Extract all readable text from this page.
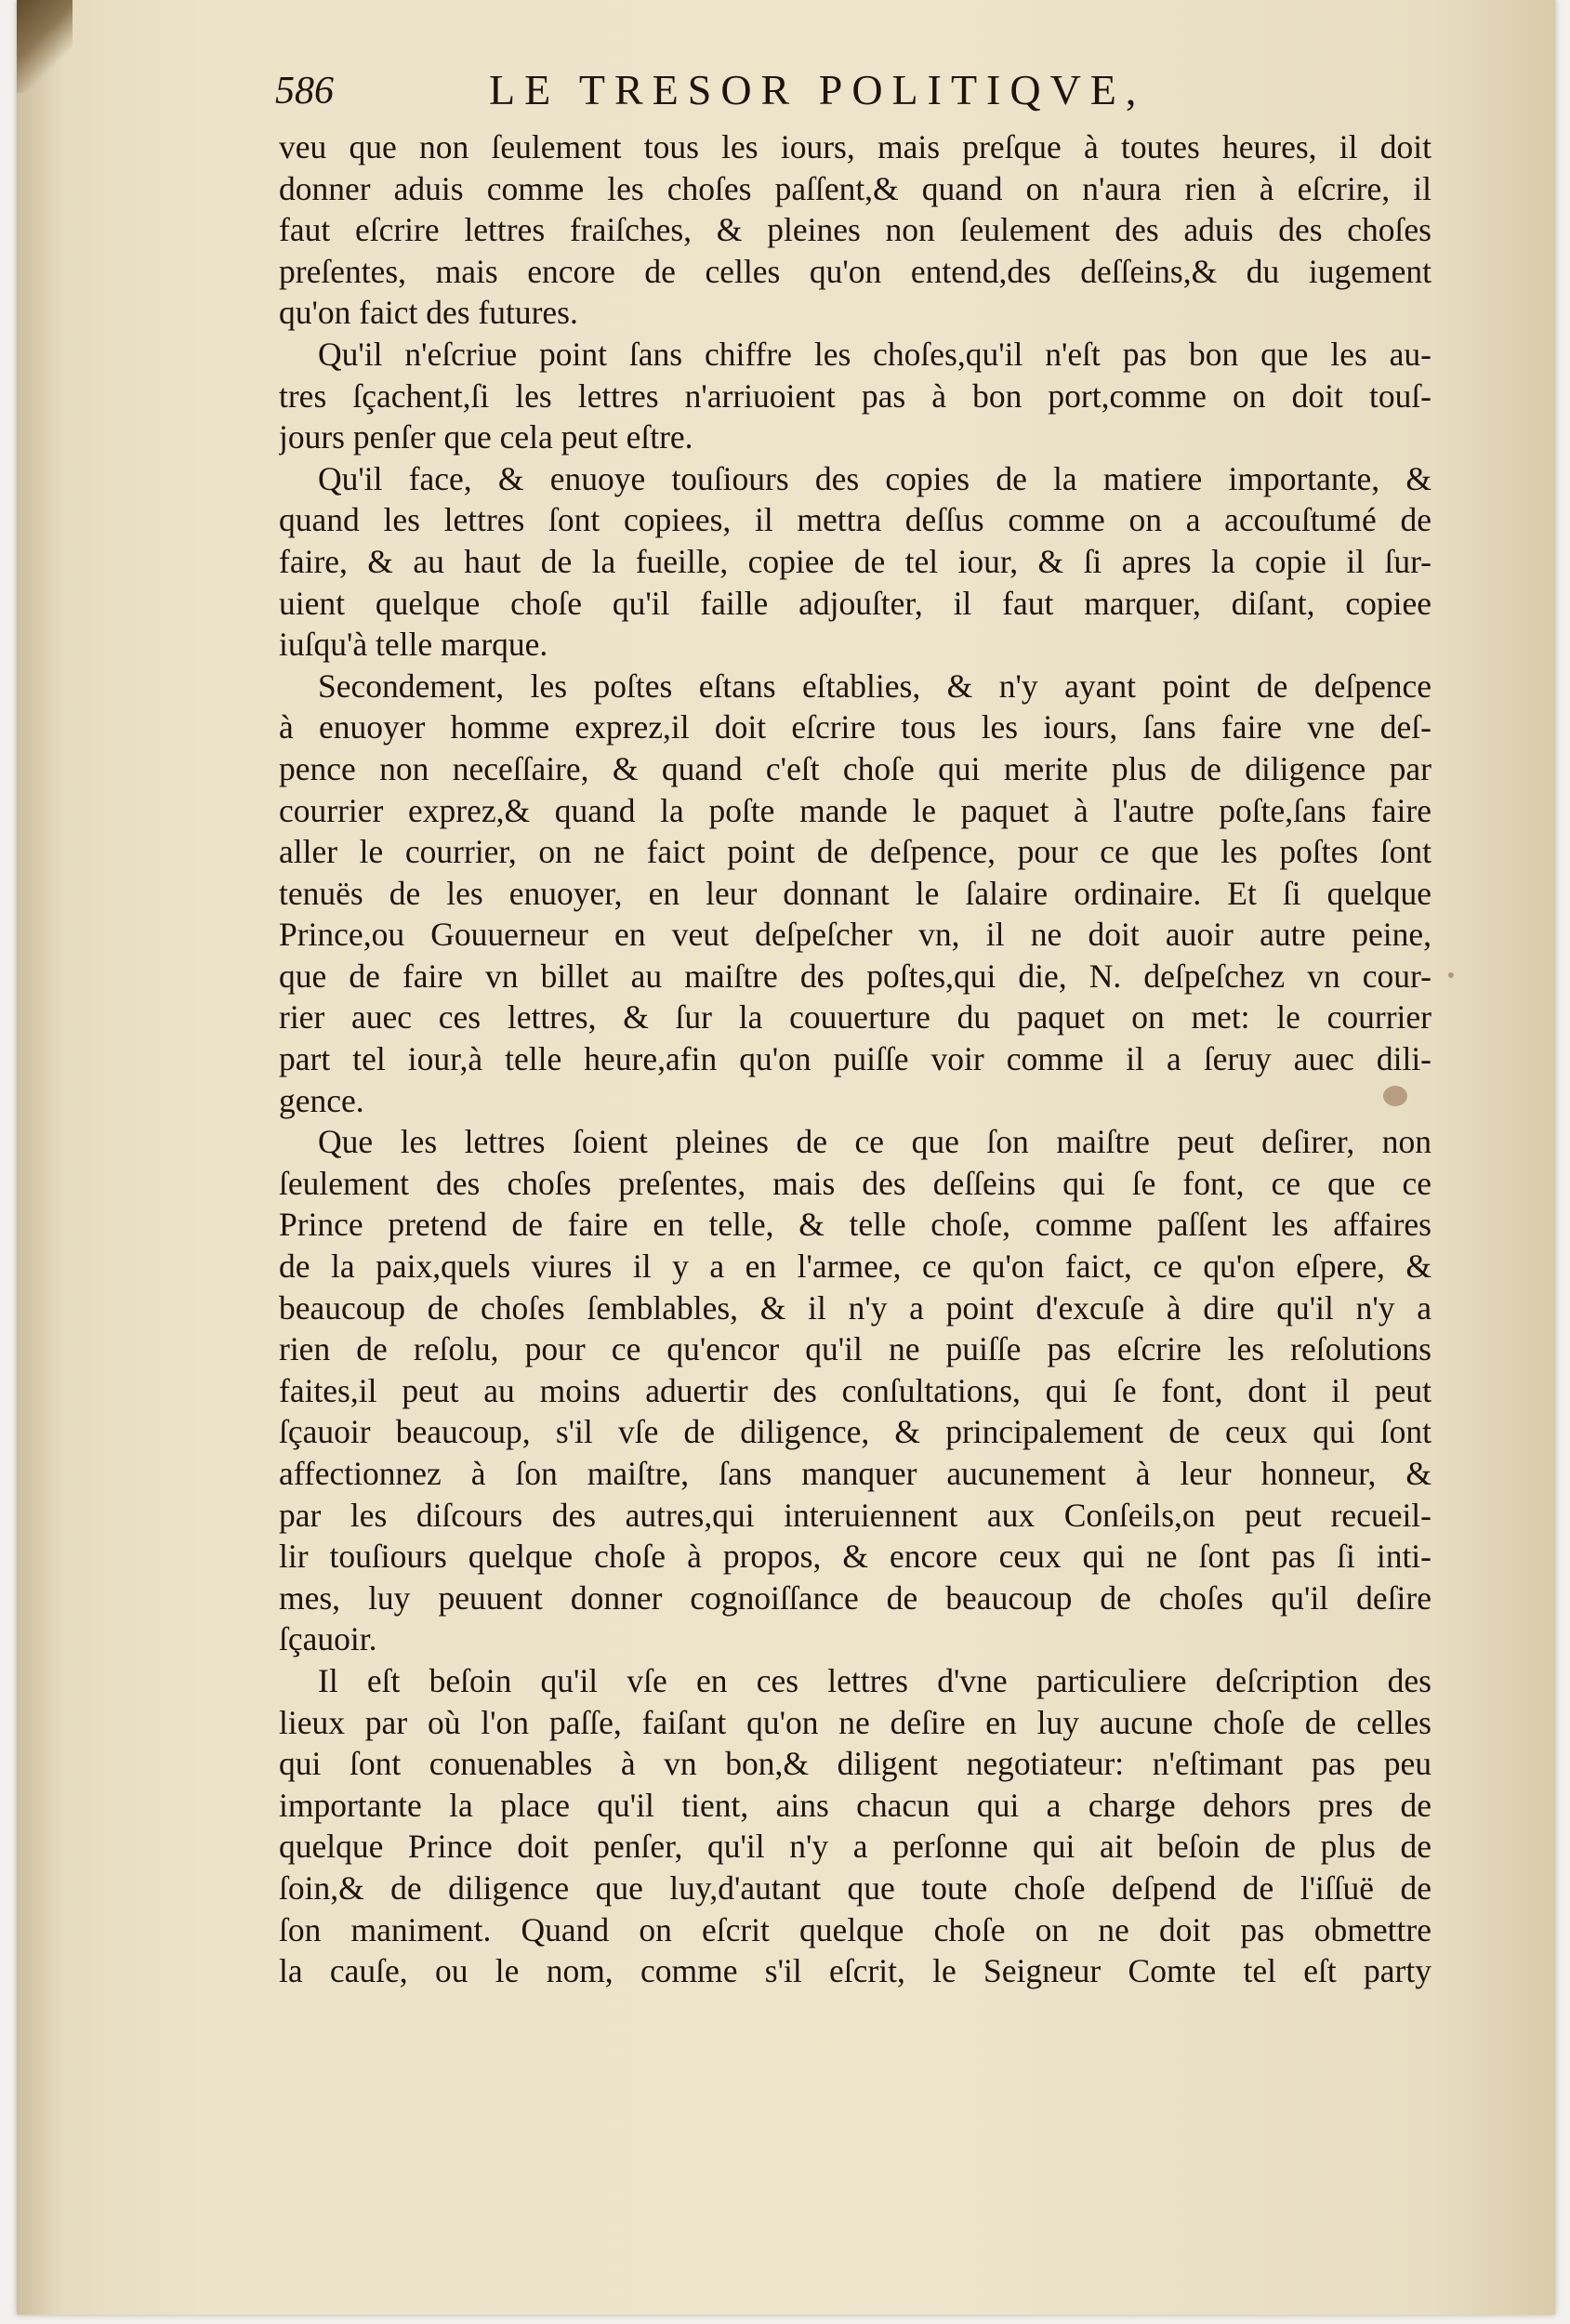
586	LE TRESOR POLITIQVE,
veu que non ſeulement tous les iours, mais preſque à toutes heures, il doit
donner aduis comme les choſes paſſent,& quand on n'aura rien à eſcrire, il
faut eſcrire lettres fraiſches, & pleines non ſeulement des aduis des choſes
preſentes, mais encore de celles qu'on entend,des deſſeins,& du iugement
qu'on faict des futures.
Qu'il n'eſcriue point ſans chiffre les choſes,qu'il n'eſt pas bon que les au-
tres ſçachent,ſi les lettres n'arriuoient pas à bon port,comme on doit touſ-
jours penſer que cela peut eſtre.
Qu'il face, & enuoye touſiours des copies de la matiere importante, &
quand les lettres ſont copiees, il mettra deſſus comme on a accouſtumé de
faire, & au haut de la fueille, copiee de tel iour, & ſi apres la copie il ſur-
uient quelque choſe qu'il faille adjouſter, il faut marquer, diſant, copiee
iuſqu'à telle marque.
Secondement, les poſtes eſtans eſtablies, & n'y ayant point de deſpence
à enuoyer homme exprez,il doit eſcrire tous les iours, ſans faire vne deſ-
pence non neceſſaire, & quand c'eſt choſe qui merite plus de diligence par
courrier exprez,& quand la poſte mande le paquet à l'autre poſte,ſans faire
aller le courrier, on ne faict point de deſpence, pour ce que les poſtes ſont
tenuës de les enuoyer, en leur donnant le ſalaire ordinaire. Et ſi quelque
Prince,ou Gouuerneur en veut deſpeſcher vn, il ne doit auoir autre peine,
que de faire vn billet au maiſtre des poſtes,qui die, N. deſpeſchez vn cour-
rier auec ces lettres, & ſur la couuerture du paquet on met: le courrier
part tel iour,à telle heure,afin qu'on puiſſe voir comme il a ſeruy auec dili-
gence.
Que les lettres ſoient pleines de ce que ſon maiſtre peut deſirer, non
ſeulement des choſes preſentes, mais des deſſeins qui ſe font, ce que ce
Prince pretend de faire en telle, & telle choſe, comme paſſent les affaires
de la paix,quels viures il y a en l'armee, ce qu'on faict, ce qu'on eſpere, &
beaucoup de choſes ſemblables, & il n'y a point d'excuſe à dire qu'il n'y a
rien de reſolu, pour ce qu'encor qu'il ne puiſſe pas eſcrire les reſolutions
faites,il peut au moins aduertir des conſultations, qui ſe font, dont il peut
ſçauoir beaucoup, s'il vſe de diligence, & principalement de ceux qui ſont
affectionnez à ſon maiſtre, ſans manquer aucunement à leur honneur, &
par les diſcours des autres,qui interuiennent aux Conſeils,on peut recueil-
lir touſiours quelque choſe à propos, & encore ceux qui ne ſont pas ſi inti-
mes, luy peuuent donner cognoiſſance de beaucoup de choſes qu'il deſire
ſçauoir.
Il eſt beſoin qu'il vſe en ces lettres d'vne particuliere deſcription des
lieux par où l'on paſſe, faiſant qu'on ne deſire en luy aucune choſe de celles
qui ſont conuenables à vn bon,& diligent negotiateur: n'eſtimant pas peu
importante la place qu'il tient, ains chacun qui a charge dehors pres de
quelque Prince doit penſer, qu'il n'y a perſonne qui ait beſoin de plus de
ſoin,& de diligence que luy,d'autant que toute choſe deſpend de l'iſſuë de
ſon maniment. Quand on eſcrit quelque choſe on ne doit pas obmettre
la cauſe, ou le nom, comme s'il eſcrit, le Seigneur Comte tel eſt party
